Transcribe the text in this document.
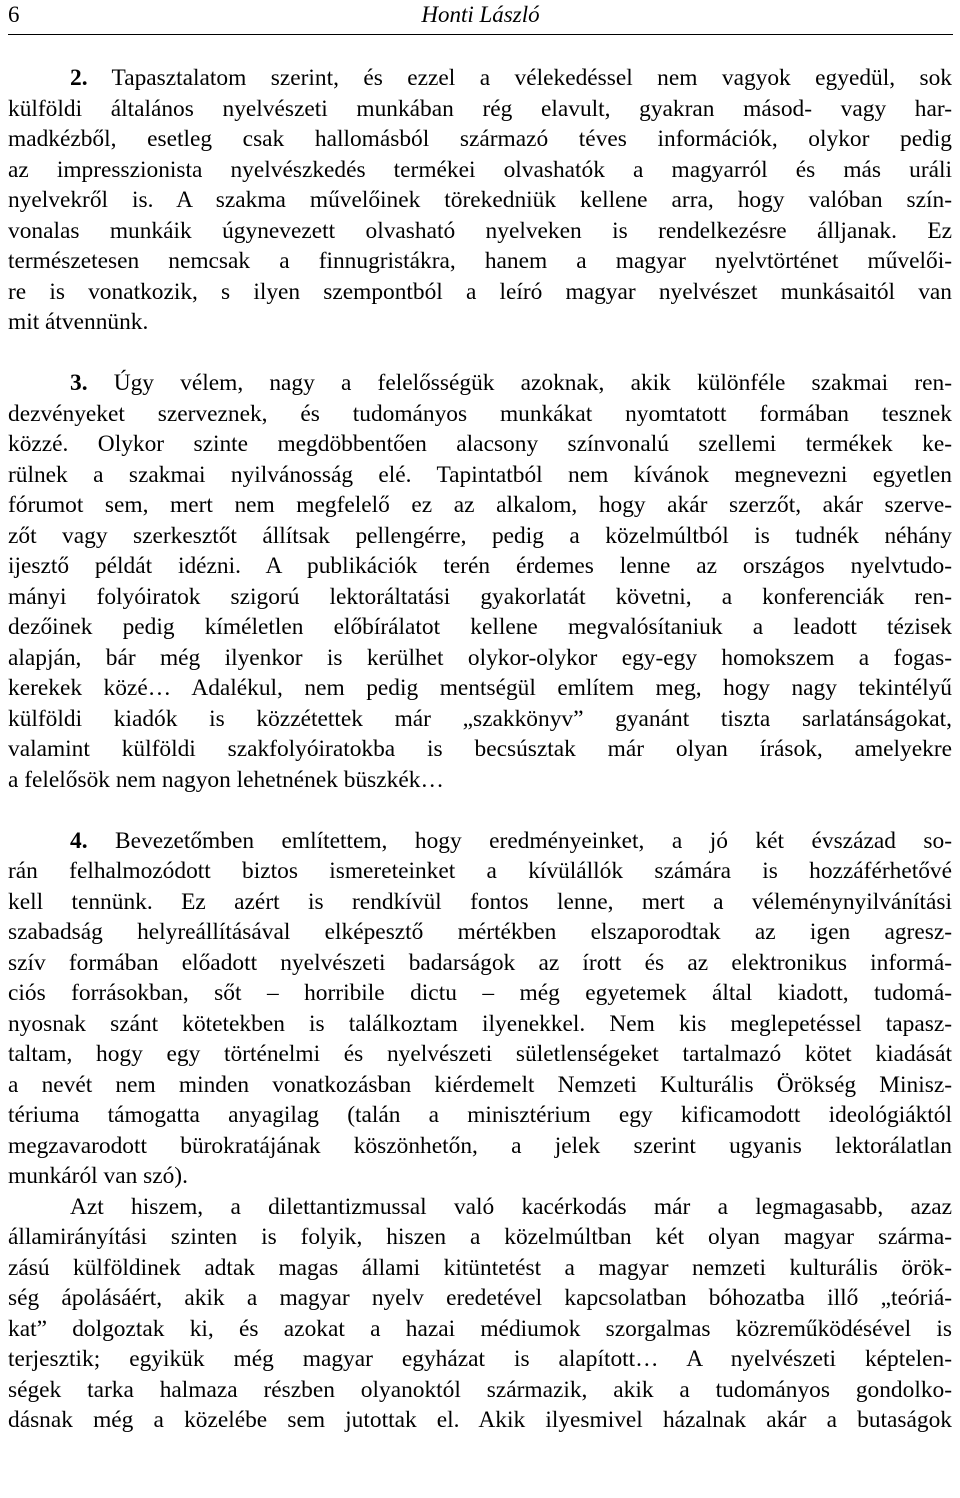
6	Honti László
2. Tapasztalatom szerint, és ezzel a vélekedéssel nem vagyok egyedül, sok
külföldi általános nyelvészeti munkában rég elavult, gyakran másod- vagy har-
madkézből, esetleg csak hallomásból származó téves információk, olykor pedig
az impresszionista nyelvészkedés termékei olvashatók a magyarról és más uráli
nyelvekről is. A szakma művelőinek törekedniük kellene arra, hogy valóban szín-
vonalas munkáik úgynevezett olvasható nyelveken is rendelkezésre álljanak. Ez
természetesen nemcsak a finnugristákra, hanem a magyar nyelvtörténet művelői-
re is vonatkozik, s ilyen szempontból a leíró magyar nyelvészet munkásaitól van
mit átvennünk.
3. Úgy vélem, nagy a felelősségük azoknak, akik különféle szakmai ren-
dezvényeket szerveznek, és tudományos munkákat nyomtatott formában tesznek
közzé. Olykor szinte megdöbbentően alacsony színvonalú szellemi termékek ke-
rülnek a szakmai nyilvánosság elé. Tapintatból nem kívánok megnevezni egyetlen
fórumot sem, mert nem megfelelő ez az alkalom, hogy akár szerzőt, akár szerve-
zőt vagy szerkesztőt állítsak pellengérre, pedig a közelmúltból is tudnék néhány
ijesztő példát idézni. A publikációk terén érdemes lenne az országos nyelvtudo-
mányi folyóiratok szigorú lektoráltatási gyakorlatát követni, a konferenciák ren-
dezőinek pedig kíméletlen előbírálatot kellene megvalósítaniuk a leadott tézisek
alapján, bár még ilyenkor is kerülhet olykor-olykor egy-egy homokszem a fogas-
kerekek közé… Adalékul, nem pedig mentségül említem meg, hogy nagy tekintélyű
külföldi kiadók is közzétettek már „szakkönyv” gyanánt tiszta sarlatánságokat,
valamint külföldi szakfolyóiratokba is becsúsztak már olyan írások, amelyekre
a felelősök nem nagyon lehetnének büszkék…
4. Bevezetőmben említettem, hogy eredményeinket, a jó két évszázad so-
rán felhalmozódott biztos ismereteinket a kívülállók számára is hozzáférhetővé
kell tennünk. Ez azért is rendkívül fontos lenne, mert a véleménynyilvánítási
szabadság helyreállításával elképesztő mértékben elszaporodtak az igen agresz-
szív formában előadott nyelvészeti badarságok az írott és az elektronikus informá-
ciós forrásokban, sőt – horribile dictu – még egyetemek által kiadott, tudomá-
nyosnak szánt kötetekben is találkoztam ilyenekkel. Nem kis meglepetéssel tapasz-
taltam, hogy egy történelmi és nyelvészeti sületlenségeket tartalmazó kötet kiadását
a nevét nem minden vonatkozásban kiérdemelt Nemzeti Kulturális Örökség Minisz-
tériuma támogatta anyagilag (talán a minisztérium egy kificamodott ideológiáktól
megzavarodott bürokratájának köszönhetőn, a jelek szerint ugyanis lektorálatlan
munkáról van szó).
Azt hiszem, a dilettantizmussal való kacérkodás már a legmagasabb, azaz
államirányítási szinten is folyik, hiszen a közelmúltban két olyan magyar szárma-
zású külföldinek adtak magas állami kitüntetést a magyar nemzeti kulturális örök-
ség ápolásáért, akik a magyar nyelv eredetével kapcsolatban bóhozatba illő „teóriá-
kat” dolgoztak ki, és azokat a hazai médiumok szorgalmas közreműködésével is
terjesztik; egyikük még magyar egyházat is alapított… A nyelvészeti képtelen-
ségek tarka halmaza részben olyanoktól származik, akik a tudományos gondolko-
dásnak még a közelébe sem jutottak el. Akik ilyesmivel házalnak akár a butaságok
